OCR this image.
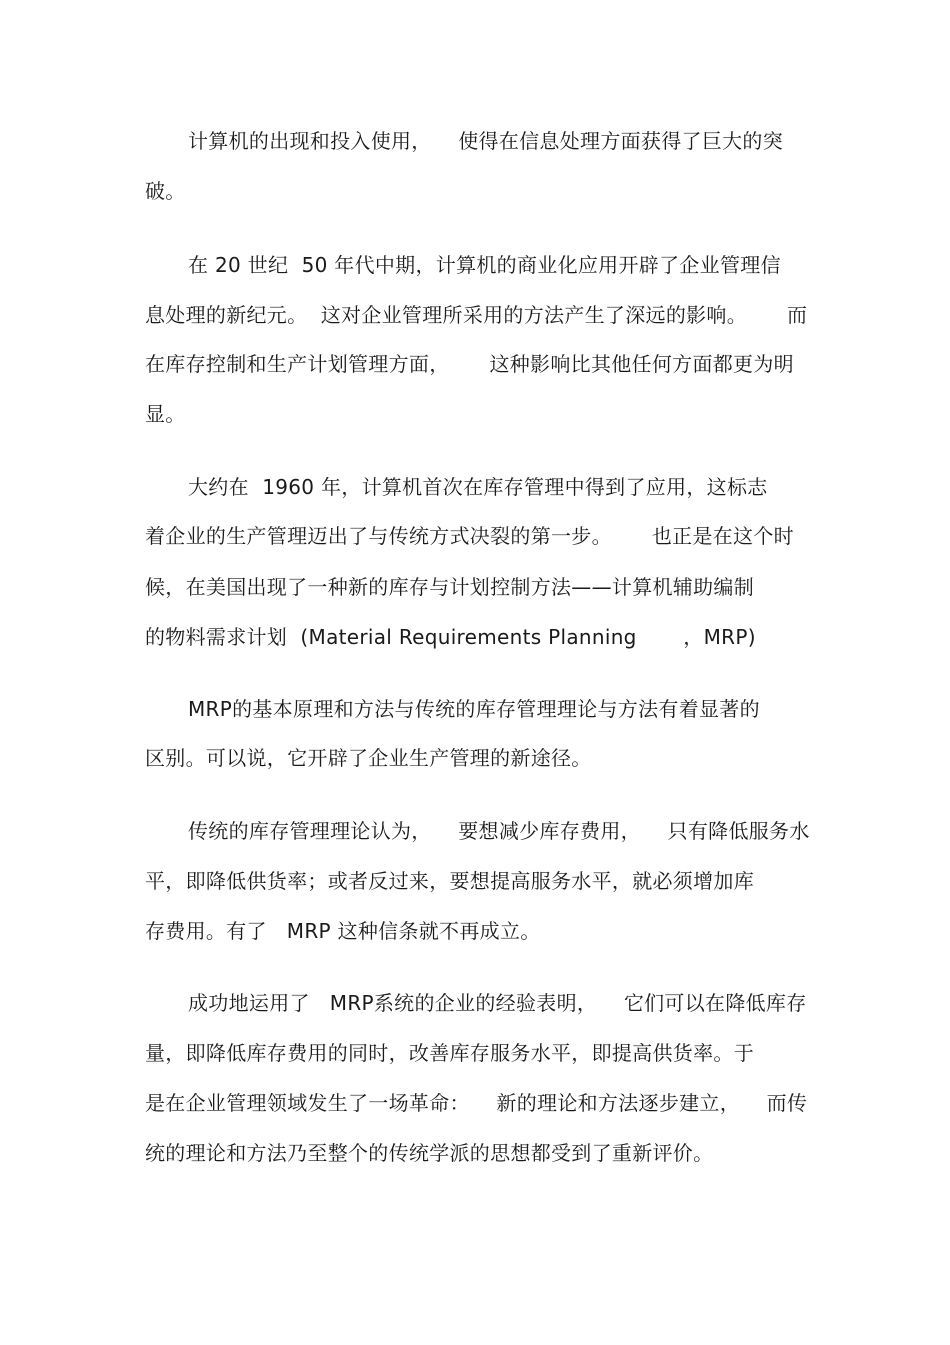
计算机的出现和投入使用，    使得在信息处理方面获得了巨大的突
破。
在 20 世纪  50 年代中期，计算机的商业化应用开辟了企业管理信
息处理的新纪元。  这对企业管理所采用的方法产生了深远的影响。      而
在库存控制和生产计划管理方面，      这种影响比其他任何方面都更为明
显。
大约在  1960 年，计算机首次在库存管理中得到了应用，这标志
着企业的生产管理迈出了与传统方式决裂的第一步。      也正是在这个时
候，在美国出现了一种新的库存与计划控制方法——计算机辅助编制
的物料需求计划  (Material Requirements Planning       ，MRP)
MRP的基本原理和方法与传统的库存管理理论与方法有着显著的
区别。可以说，它开辟了企业生产管理的新途径。
传统的库存管理理论认为，    要想减少库存费用，    只有降低服务水
平，即降低供货率；或者反过来，要想提高服务水平，就必须增加库
存费用。有了   MRP 这种信条就不再成立。
成功地运用了   MRP系统的企业的经验表明，    它们可以在降低库存
量，即降低库存费用的同时，改善库存服务水平，即提高供货率。于
是在企业管理领域发生了一场革命：    新的理论和方法逐步建立，    而传
统的理论和方法乃至整个的传统学派的思想都受到了重新评价。
